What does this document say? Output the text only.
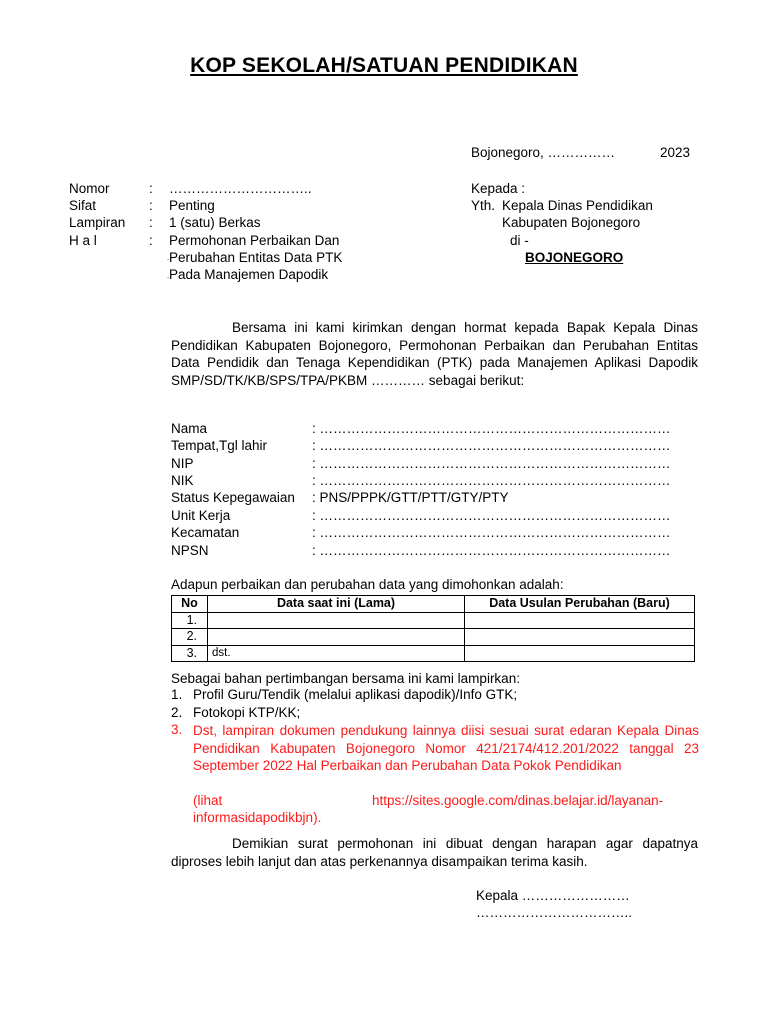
KOP SEKOLAH/SATUAN PENDIDIKAN
Bojonegoro, ……………	2023
Nomor	: …………………………..
Sifat	: Penting
Lampiran : 1 (satu) Berkas
H a l	: Permohonan Perbaikan Dan
Perubahan Entitas Data PTK
Pada Manajemen Dapodik
˙
˙
Kepada :
Yth. Kepala Dinas Pendidikan
Kabupaten Bojonegoro
di -
BOJONEGORO
Bersama ini kami kirimkan dengan hormat kepada Bapak Kepala Dinas Pendidikan Kabupaten Bojonegoro, Permohonan Perbaikan dan Perubahan Entitas Data Pendidik dan Tenaga Kependidikan (PTK) pada Manajemen Aplikasi Dapodik SMP/SD/TK/KB/SPS/TPA/PKBM ………… sebagai berikut:
Nama	: ……………………………………………………………………
Tempat,Tgl lahir	: ……………………………………………………………………
NIP	: ……………………………………………………………………
NIK	: ……………………………………………………………………
Status Kepegawaian : PNS/PPPK/GTT/PTT/GTY/PTY
Unit Kerja	: ……………………………………………………………………
Kecamatan	: ……………………………………………………………………
NPSN	: ……………………………………………………………………
Adapun perbaikan dan perubahan data yang dimohonkan adalah:
No	Data saat ini (Lama)	Data Usulan Perubahan (Baru)
1.		
2.		
3.	dst.	
Sebagai bahan pertimbangan bersama ini kami lampirkan:
1. Profil Guru/Tendik (melalui aplikasi dapodik)/Info GTK;
2. Fotokopi KTP/KK;
3. Dst, lampiran dokumen pendukung lainnya diisi sesuai surat edaran Kepala Dinas Pendidikan Kabupaten Bojonegoro Nomor 421/2174/412.201/2022 tanggal 23 September 2022 Hal Perbaikan dan Perubahan Data Pokok Pendidikan
(lihat	https://sites.google.com/dinas.belajar.id/layanan-
informasidapodikbjn).
Demikian surat permohonan ini dibuat dengan harapan agar dapatnya diproses lebih lanjut dan atas perkenannya disampaikan terima kasih.
Kepala ……………………
……………………………..
